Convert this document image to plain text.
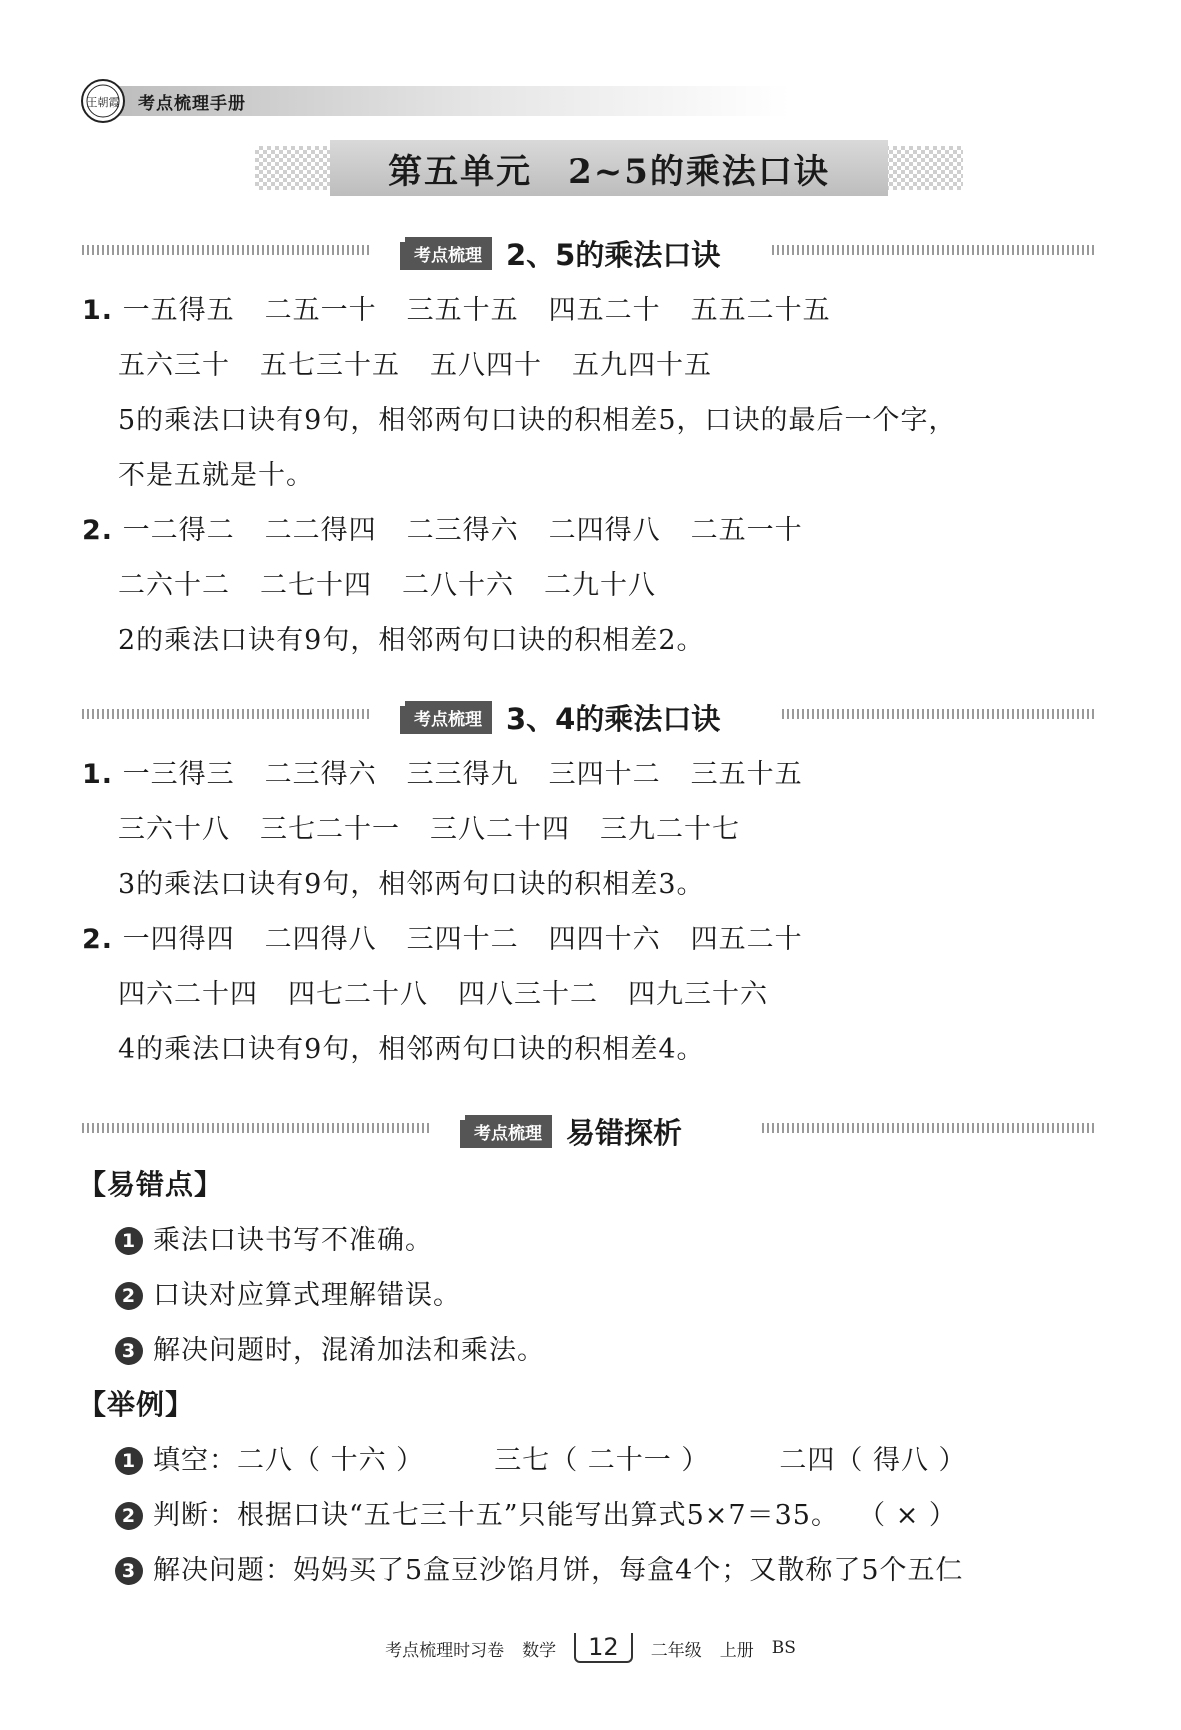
王朝霞 考点梳理手册
第五单元　2~5的乘法口诀
考点梳理 2、5的乘法口诀
1. 一五得五 二五一十 三五十五 四五二十 五五二十五
五六三十 五七三十五 五八四十 五九四十五
5的乘法口诀有9句，相邻两句口诀的积相差5，口诀的最后一个字，
不是五就是十。
2. 一二得二 二二得四 二三得六 二四得八 二五一十
二六十二 二七十四 二八十六 二九十八
2的乘法口诀有9句，相邻两句口诀的积相差2。
考点梳理 3、4的乘法口诀
1. 一三得三 二三得六 三三得九 三四十二 三五十五
三六十八 三七二十一 三八二十四 三九二十七
3的乘法口诀有9句，相邻两句口诀的积相差3。
2. 一四得四 二四得八 三四十二 四四十六 四五二十
四六二十四 四七二十八 四八三十二 四九三十六
4的乘法口诀有9句，相邻两句口诀的积相差4。
考点梳理 易错探析
【易错点】
1 乘法口诀书写不准确。
2 口诀对应算式理解错误。
3 解决问题时，混淆加法和乘法。
【举例】
1 填空：二八（ 十六 ）	三七（ 二十一 ）	二四（ 得八 ）
2 判断：根据口诀“五七三十五”只能写出算式5×7＝35。  （ × ）
3 解决问题：妈妈买了5盒豆沙馅月饼，每盒4个；又散称了5个五仁
考点梳理时习卷 数学	12	二年级 上册 BS
